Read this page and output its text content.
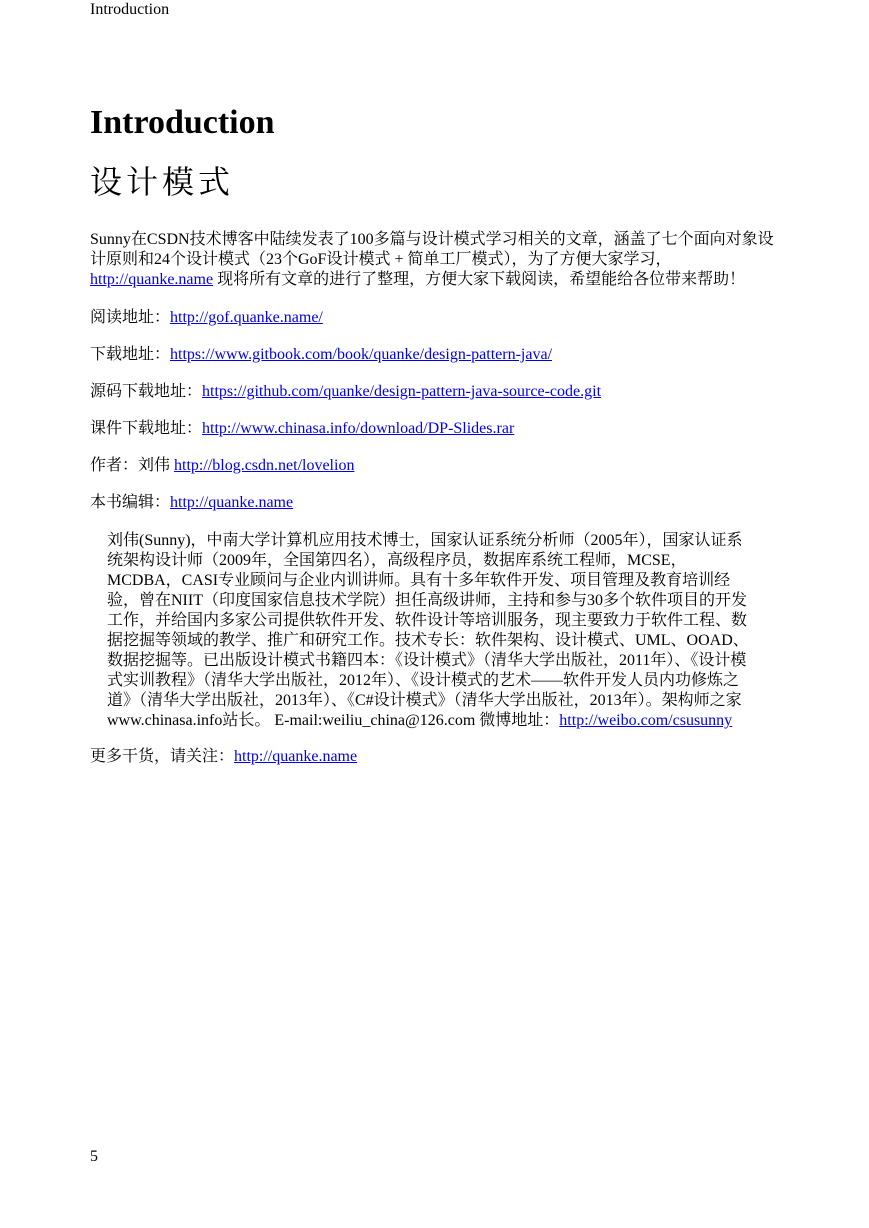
Introduction
Introduction
设计模式

Sunny在CSDN技术博客中陆续发表了100多篇与设计模式学习相关的文章，涵盖了七个面向对象设计原则和24个设计模式（23个GoF设计模式 + 简单工厂模式），为了方便大家学习，http://quanke.name 现将所有文章的进行了整理，方便大家下载阅读，希望能给各位带来帮助！

阅读地址：http://gof.quanke.name/

下载地址：https://www.gitbook.com/book/quanke/design-pattern-java/

源码下载地址：https://github.com/quanke/design-pattern-java-source-code.git

课件下载地址：http://www.chinasa.info/download/DP-Slides.rar

作者：刘伟 http://blog.csdn.net/lovelion

本书编辑：http://quanke.name

刘伟(Sunny)，中南大学计算机应用技术博士，国家认证系统分析师（2005年），国家认证系统架构设计师（2009年，全国第四名），高级程序员，数据库系统工程师，MCSE，MCDBA，CASI专业顾问与企业内训讲师。具有十多年软件开发、项目管理及教育培训经验，曾在NIIT（印度国家信息技术学院）担任高级讲师，主持和参与30多个软件项目的开发工作，并给国内多家公司提供软件开发、软件设计等培训服务，现主要致力于软件工程、数据挖掘等领域的教学、推广和研究工作。技术专长：软件架构、设计模式、UML、OOAD、数据挖掘等。已出版设计模式书籍四本：《设计模式》（清华大学出版社，2011年）、《设计模式实训教程》（清华大学出版社，2012年）、《设计模式的艺术——软件开发人员内功修炼之道》（清华大学出版社，2013年）、《C#设计模式》（清华大学出版社，2013年）。架构师之家www.chinasa.info站长。 E-mail:weiliu_china@126.com 微博地址：http://weibo.com/csusunny

更多干货，请关注：http://quanke.name

5
